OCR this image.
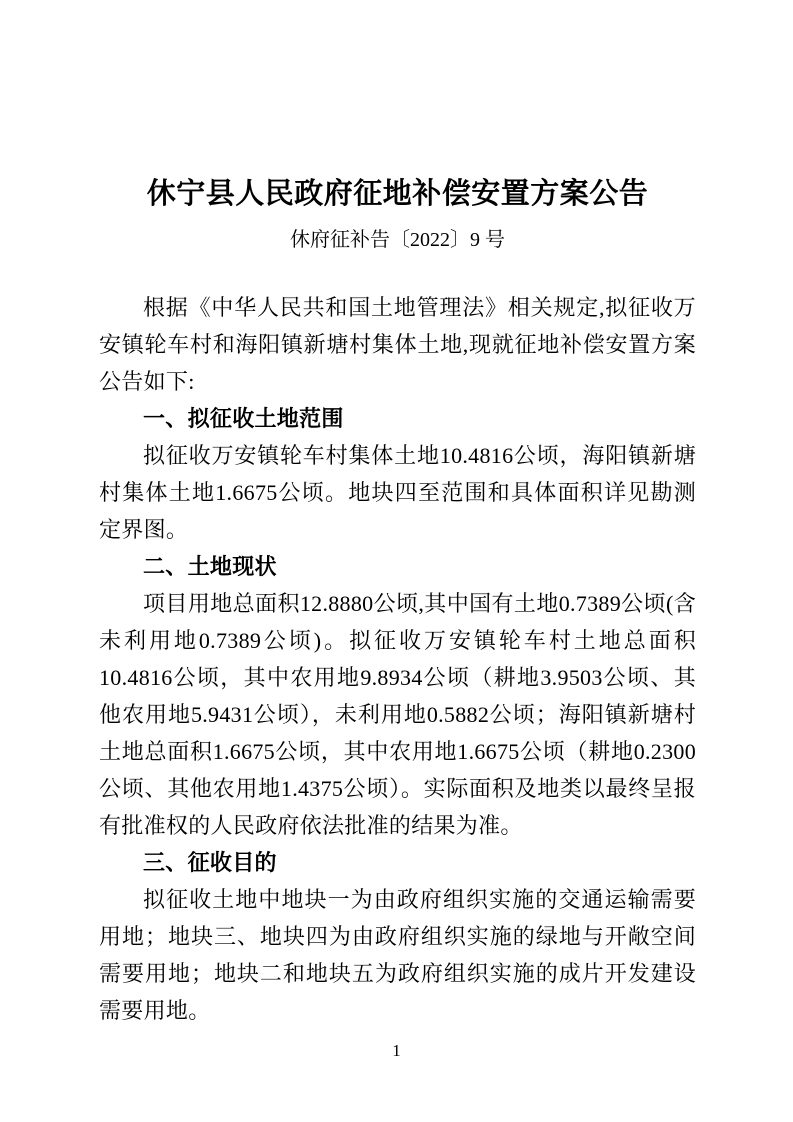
休宁县人民政府征地补偿安置方案公告
休府征补告〔2022〕9 号

根据《中华人民共和国土地管理法》相关规定,拟征收万安镇轮车村和海阳镇新塘村集体土地,现就征地补偿安置方案公告如下:

一、拟征收土地范围

拟征收万安镇轮车村集体土地10.4816公顷，海阳镇新塘村集体土地1.6675公顷。地块四至范围和具体面积详见勘测定界图。

二、土地现状

项目用地总面积12.8880公顷,其中国有土地0.7389公顷(含未利用地0.7389公顷)。拟征收万安镇轮车村土地总面积10.4816公顷，其中农用地9.8934公顷（耕地3.9503公顷、其他农用地5.9431公顷），未利用地0.5882公顷；海阳镇新塘村土地总面积1.6675公顷，其中农用地1.6675公顷（耕地0.2300公顷、其他农用地1.4375公顷）。实际面积及地类以最终呈报有批准权的人民政府依法批准的结果为准。

三、征收目的

拟征收土地中地块一为由政府组织实施的交通运输需要用地；地块三、地块四为由政府组织实施的绿地与开敞空间需要用地；地块二和地块五为政府组织实施的成片开发建设需要用地。

1
